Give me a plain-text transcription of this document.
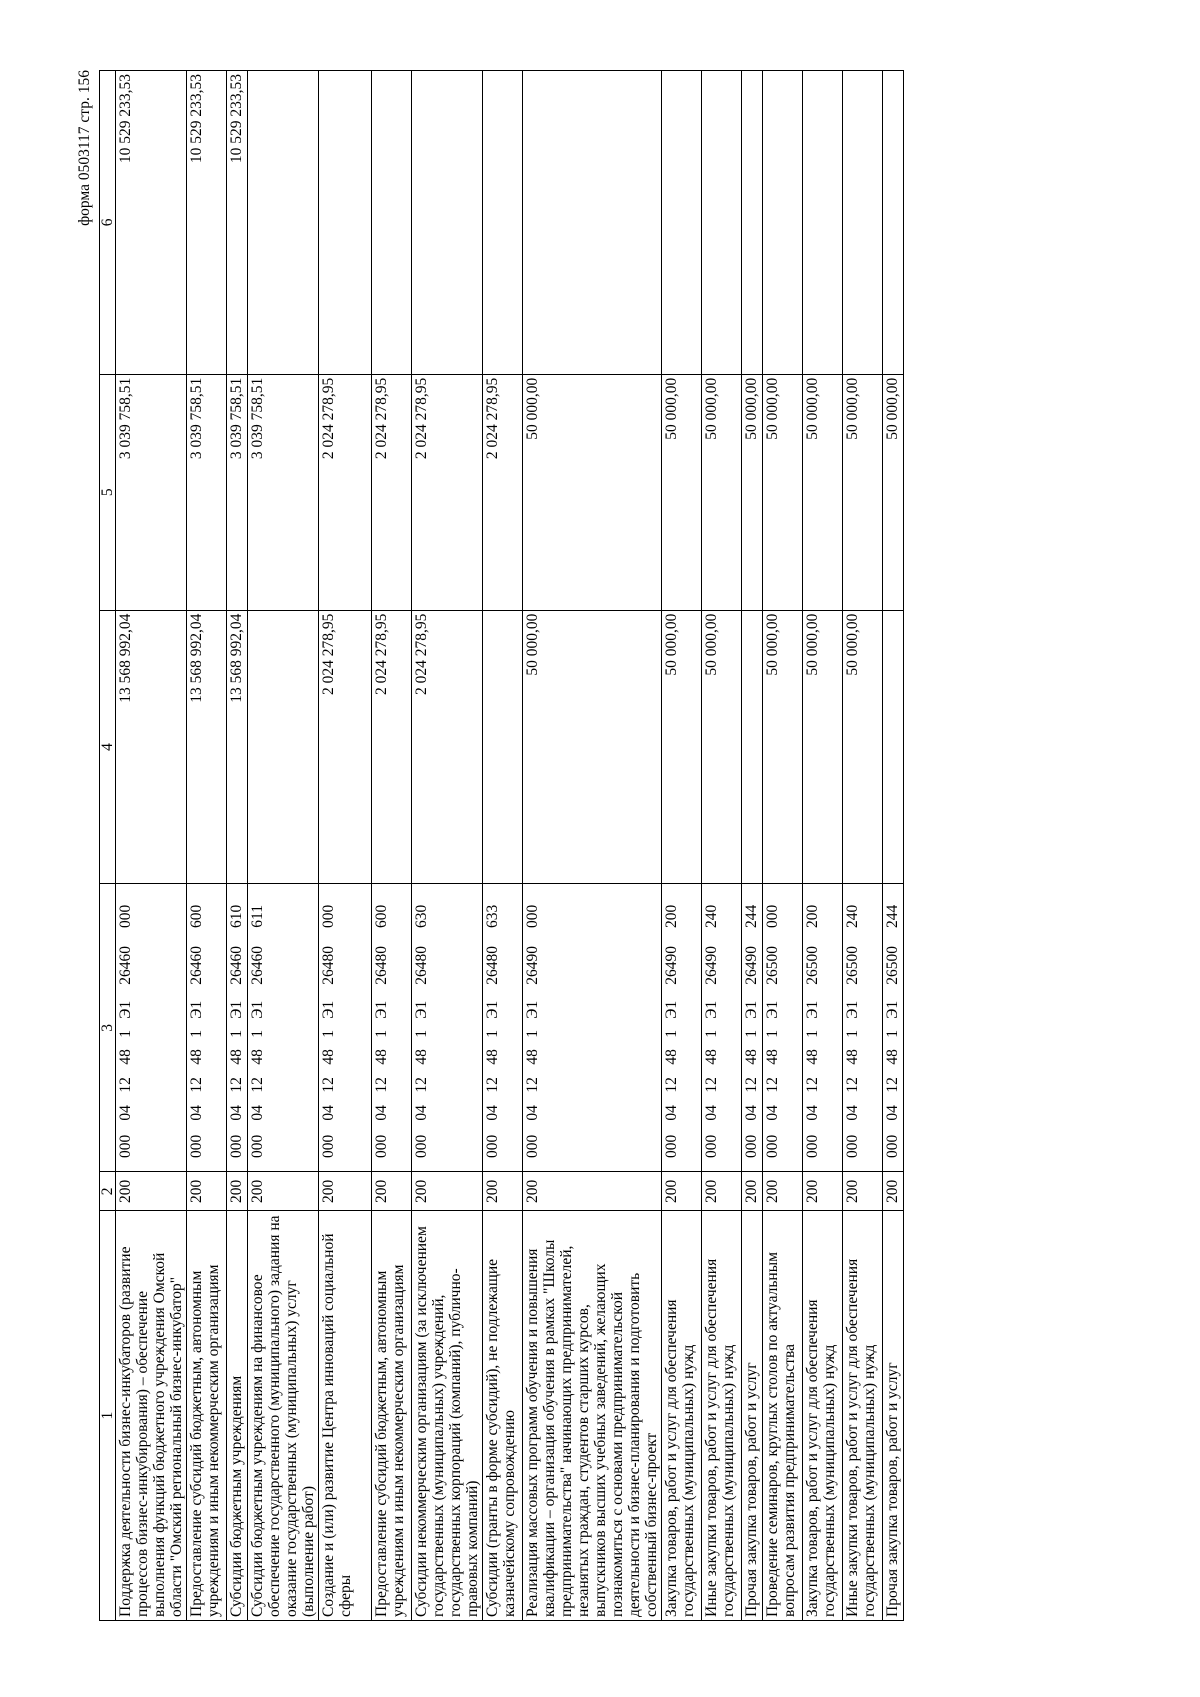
форма 0503117 стр. 156
1	2	3	4	5	6
Поддержка деятельности бизнес-инкубаторов (развитие процессов бизнес-инкубирования) – обеспечение выполнения функций бюджетного учреждения Омской области "Омский региональный бизнес-инкубатор"	200	0000412481Э126460000	13 568 992,04	3 039 758,51	10 529 233,53
Предоставление субсидий бюджетным, автономным учреждениям и иным некоммерческим организациям	200	0000412481Э126460600	13 568 992,04	3 039 758,51	10 529 233,53
Субсидии бюджетным учреждениям	200	0000412481Э126460610	13 568 992,04	3 039 758,51	10 529 233,53
Субсидии бюджетным учреждениям на финансовое обеспечение государственного (муниципального) задания на оказание государственных (муниципальных) услуг (выполнение работ)	200	0000412481Э126460611		3 039 758,51	
Создание и (или) развитие Центра инноваций социальной сферы	200	0000412481Э126480000	2 024 278,95	2 024 278,95	
Предоставление субсидий бюджетным, автономным учреждениям и иным некоммерческим организациям	200	0000412481Э126480600	2 024 278,95	2 024 278,95	
Субсидии некоммерческим организациям (за исключением государственных (муниципальных) учреждений, государственных корпораций (компаний), публично-правовых компаний)	200	0000412481Э126480630	2 024 278,95	2 024 278,95	
Субсидии (гранты в форме субсидий), не подлежащие казначейскому сопровождению	200	0000412481Э126480633		2 024 278,95	
Реализация массовых программ обучения и повышения квалификации – организация обучения в рамках "Школы предпринимательства" начинающих предпринимателей, незанятых граждан, студентов старших курсов, выпускников высших учебных заведений, желающих познакомиться с основами предпринимательской деятельности и бизнес-планирования и подготовить собственный бизнес-проект	200	0000412481Э126490000	50 000,00	50 000,00	
Закупка товаров, работ и услуг для обеспечения государственных (муниципальных) нужд	200	0000412481Э126490200	50 000,00	50 000,00	
Иные закупки товаров, работ и услуг для обеспечения государственных (муниципальных) нужд	200	0000412481Э126490240	50 000,00	50 000,00	
Прочая закупка товаров, работ и услуг	200	0000412481Э126490244		50 000,00	
Проведение семинаров, круглых столов по актуальным вопросам развития предпринимательства	200	0000412481Э126500000	50 000,00	50 000,00	
Закупка товаров, работ и услуг для обеспечения государственных (муниципальных) нужд	200	0000412481Э126500200	50 000,00	50 000,00	
Иные закупки товаров, работ и услуг для обеспечения государственных (муниципальных) нужд	200	0000412481Э126500240	50 000,00	50 000,00	
Прочая закупка товаров, работ и услуг	200	0000412481Э126500244		50 000,00	
